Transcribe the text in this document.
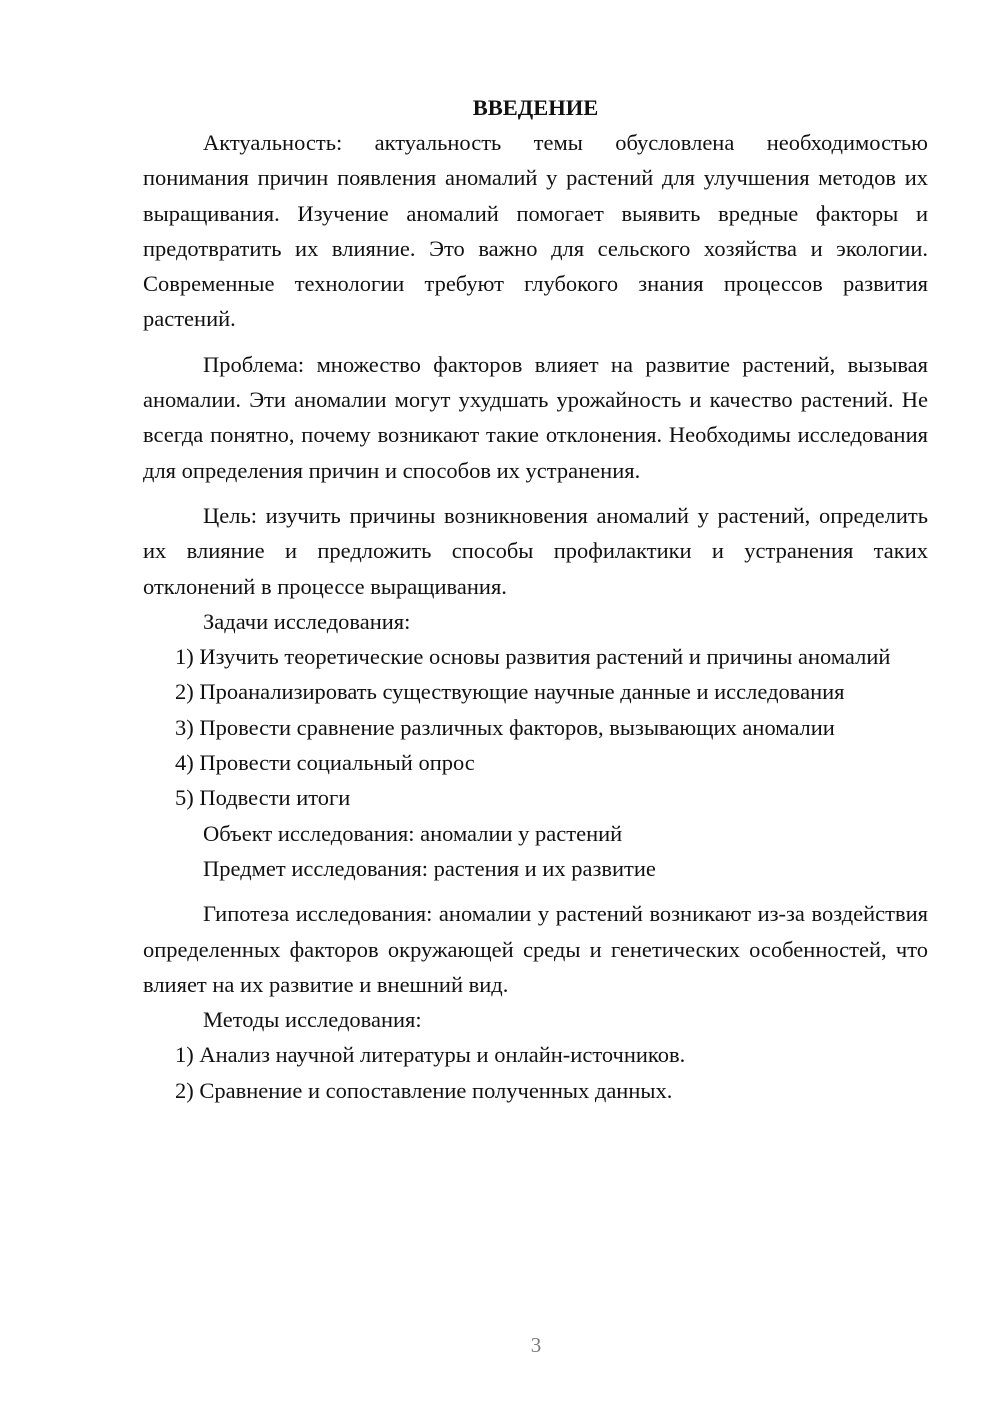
ВВЕДЕНИЕ

Актуальность: актуальность темы обусловлена необходимостью понимания причин появления аномалий у растений для улучшения методов их выращивания. Изучение аномалий помогает выявить вредные факторы и предотвратить их влияние. Это важно для сельского хозяйства и экологии. Современные технологии требуют глубокого знания процессов развития растений.

Проблема: множество факторов влияет на развитие растений, вызывая аномалии. Эти аномалии могут ухудшать урожайность и качество растений. Не всегда понятно, почему возникают такие отклонения. Необходимы исследования для определения причин и способов их устранения.

Цель: изучить причины возникновения аномалий у растений, определить их влияние и предложить способы профилактики и устранения таких отклонений в процессе выращивания.

Задачи исследования:

1) Изучить теоретические основы развития растений и причины аномалий

2) Проанализировать существующие научные данные и исследования

3) Провести сравнение различных факторов, вызывающих аномалии

4) Провести социальный опрос

5) Подвести итоги

Объект исследования: аномалии у растений

Предмет исследования: растения и их развитие

Гипотеза исследования: аномалии у растений возникают из-за воздействия определенных факторов окружающей среды и генетических особенностей, что влияет на их развитие и внешний вид.

Методы исследования:

1) Анализ научной литературы и онлайн-источников.

2) Сравнение и сопоставление полученных данных.

3
